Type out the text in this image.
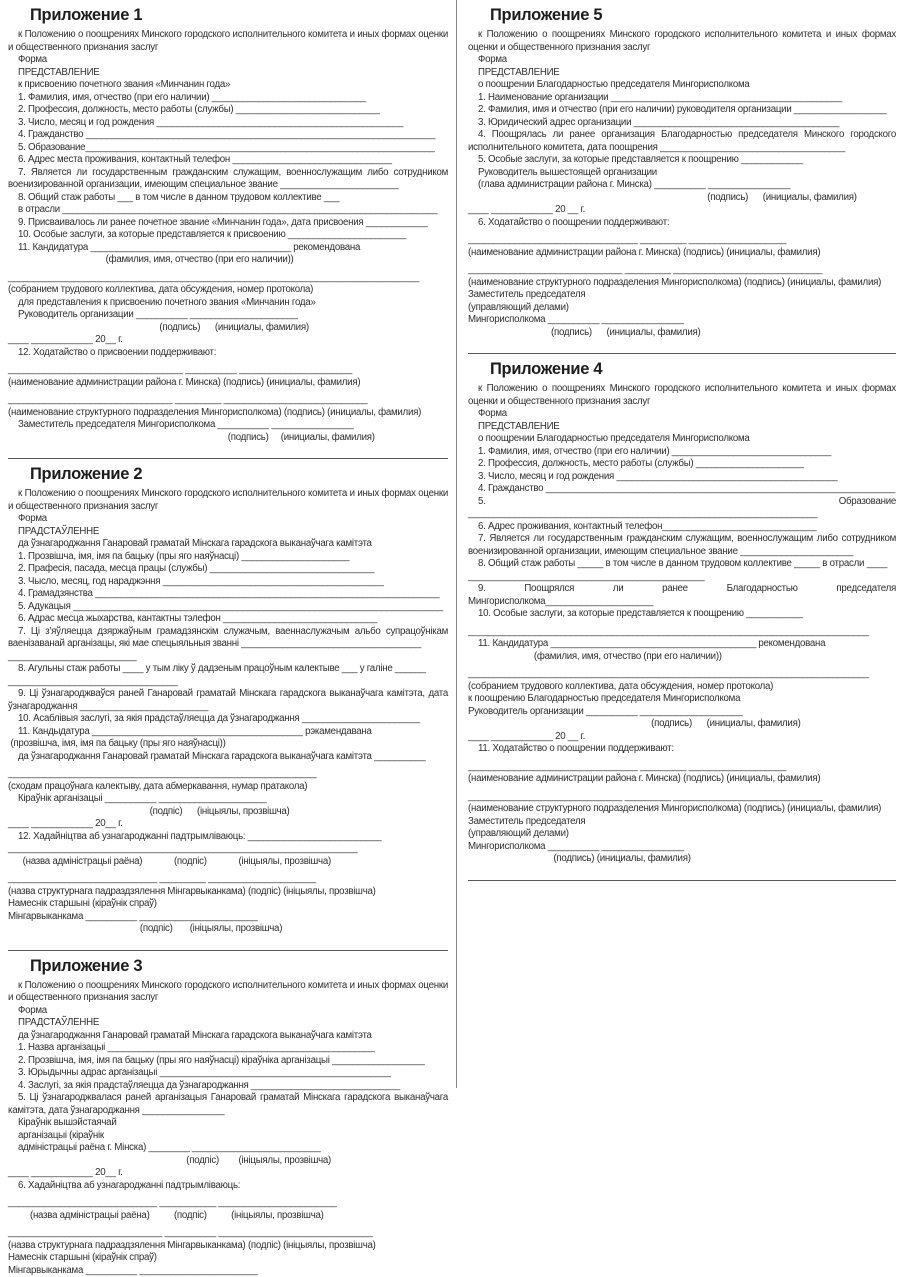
Приложение 1
к Положению о поощрениях Минского городского исполнительного комитета и иных формах оценки и общественного признания заслуг
Форма
ПРЕДСТАВЛЕНИЕ
к присвоению почетного звания «Минчанин года»
1. Фамилия, имя, отчество (при его наличии) ______________________________
2. Профессия, должность, место работы (службы) ____________________________
3. Число, месяц и год рождения ________________________________________________
4. Гражданство ____________________________________________________________________
5. Образование____________________________________________________________________
6. Адрес места проживания, контактный телефон _______________________________
7. Является ли государственным гражданским служащим, военнослужащим либо сотрудником военизированной организации, имеющим специальное звание _______________________
8. Общий стаж работы ___ в том числе в данном трудовом коллективе ___
в отрасли _________________________________________________________________________
9. Присваивалось ли ранее почетное звание «Минчанин года», дата присвоения ____________
10. Особые заслуги, за которые представляется к присвоению _______________________
11. Кандидатура _______________________________________ рекомендована
(фамилия, имя, отчество (при его наличии))
________________________________________________________________________________
(собранием трудового коллектива, дата обсуждения, номер протокола)
для представления к присвоению почетного звания «Минчанин года»
Руководитель организации __________ _____________________
(подпись)      (инициалы, фамилия)
____ ____________ 20__ г.
12. Ходатайство о присвоении поддерживают:
__________________________________ __________ ______________________
(наименование администрации района г. Минска) (подпись) (инициалы, фамилия)
________________________________ _________ ____________________________
(наименование структурного подразделения Мингорисполкома) (подпись) (инициалы, фамилия)
Заместитель председателя Мингорисполкома __________ ________________
(подпись)     (инициалы, фамилия)
Приложение 2
к Положению о поощрениях Минского городского исполнительного комитета и иных формах оценки и общественного признания заслуг
Форма
ПРАДСТАЎЛЕННЕ
да ўзнагароджання Ганаровай граматай Мінскага гарадскога выканаўчага камітэта
1. Прозвішча, імя, імя па бацьку (пры яго наяўнасці) _____________________
2. Прафесія, пасада, месца працы (службы) ________________________________
3. Чысло, месяц, год нараджэння ___________________________________________
4. Грамадзянства ___________________________________________________________________
5. Адукацыя ________________________________________________________________________
6. Адрас месца жыхарства, кантактны тэлефон ______________________________
7. Ці з’яўляецца дзяржаўным грамадзянскім служачым, ваеннаслужачым альбо супрацоўнікам ваенізаванай арганізацы, які мае спецыяльныя званні ___________________________________
_________________________
8. Агульны стаж работы ____ у тым ліку ў дадзеным працоўным калектыве ___ у галіне ______
_________________________________
9. Ці ўзнагароджваўся раней Ганаровай граматай Мінскага гарадскога выканаўчага камітэта, дата ўзнагароджання _________________________
10. Асаблівыя заслугі, за якія прадстаўляецца да ўзнагароджання _______________________
11. Кандыдатура _________________________________________ рэкамендавана
(прозвішча, імя, імя па бацьку (пры яго наяўнасці))
да ўзнагароджання Ганаровай граматай Мінскага гарадскога выканаўчага камітэта __________
____________________________________________________________
(сходам працоўнага калектыву, дата абмеркавання, нумар пратакола)
Кіраўнік арганізацыі __________ _____________________
(подпіс)      (ініцыялы, прозвішча)
____ ____________ 20__ г.
12. Хадайніцтва аб узнагароджанні падтрымліваюць: __________________________
____________________________________________________________________
(назва адміністрацыі раёна)             (подпіс)             (ініцыялы, прозвішча)
_____________________________ _________ _____________________
(назва структурнага падраздзялення Мінгарвыканкама) (подпіс) (ініцыялы, прозвішча)
Намеснік старшыні (кіраўнік спраў)
Мінгарвыканкама __________ _______________________
(подпіс)       (ініцыялы, прозвішча)
Приложение 3
к Положению о поощрениях Минского городского исполнительного комитета и иных формах оценки и общественного признания заслуг
Форма
ПРАДСТАЎЛЕННЕ
да ўзнагароджання Ганаровай граматай Мінскага гарадскога выканаўчага камітэта
1. Назва арганізацыі ____________________________________________________
2. Прозвішча, імя, імя па бацьку (пры яго наяўнасці) кіраўніка арганізацыі __________________
3. Юрыдычны адрас арганізацыі _____________________________________________
4. Заслугі, за якія прадстаўляецца да ўзнагароджання _____________________________
5. Ці ўзнагароджвалася раней арганізацыя Ганаровай граматай Мінскага гарадскога выканаўчага камітэта, дата ўзнагароджання ________________
Кіраўнік вышэйстаячай
арганізацыі (кіраўнік
адміністрацыі раёна г. Мінска) ________ _________________________
(подпіс)        (ініцыялы, прозвішча)
____ ____________ 20__ г.
6. Хадайніцтва аб узнагароджанні падтрымліваюць:
_____________________________ ___________ _______________________
(назва адміністрацыі раёна)          (подпіс)          (ініцыялы, прозвішча)
______________________________ __________ ______________________________
(назва структурнага падраздзялення Мінгарвыканкама) (подпіс) (ініцыялы, прозвішча)
Намеснік старшыні (кіраўнік спраў)
Мінгарвыканкама __________ _______________________
Приложение 5
к Положению о поощрениях Минского городского исполнительного комитета и иных формах оценки и общественного признания заслуг
Форма
ПРЕДСТАВЛЕНИЕ
о поощрении Благодарностью председателя Мингорисполкома
1. Наименование организации _____________________________________________
2. Фамилия, имя и отчество (при его наличии) руководителя организации __________________
3. Юридический адрес организации ________________________________________
4. Поощрялась ли ранее организация Благодарностью председателя Минского городского исполнительного комитета, дата поощрения ____________________________________
5. Особые заслуги, за которые представляется к поощрению ____________
Руководитель вышестоящей организации
(глава администрации района г. Минска) __________ ________________
(подпись)      (инициалы, фамилия)
____ ____________ 20 __ г.
6. Ходатайство о поощрении поддерживают:
_________________________________ _________ ___________________
(наименование администрации района г. Минска) (подпись) (инициалы, фамилия)
______________________________ _________ _____________________________
(наименование структурного подразделения Мингорисполкома) (подпись) (инициалы, фамилия)
Заместитель председателя
(управляющий делами)
Мингорисполкома __________ ________________
(подпись)      (инициалы, фамилия)
Приложение 4
к Положению о поощрениях Минского городского исполнительного комитета и иных формах оценки и общественного признания заслуг
Форма
ПРЕДСТАВЛЕНИЕ
о поощрении Благодарностью председателя Мингорисполкома
1. Фамилия, имя, отчество (при его наличии) _______________________________
2. Профессия, должность, место работы (службы) _____________________
3. Число, месяц и год рождения ___________________________________________
4. Гражданство ____________________________________________________________________
5. Образование ____________________________________________________________________
6. Адрес проживания, контактный телефон______________________________
7. Является ли государственным гражданским служащим, военнослужащим либо сотрудником военизированной организации, имеющим специальное звание ______________________
8. Общий стаж работы _____ в том числе в данном трудовом коллективе _____ в отрасли ____
______________________________________________
9. Поощрялся ли ранее Благодарностью председателя Мингорисполкома_____________________
10. Особые заслуги, за которые представляется к поощрению ___________
______________________________________________________________________________
11. Кандидатура ________________________________________ рекомендована
(фамилия, имя, отчество (при его наличии))
______________________________________________________________________________
(собранием трудового коллектива, дата обсуждения, номер протокола)
к поощрению Благодарностью председателя Мингорисполкома
Руководитель организации __________ ____________________
(подпись)      (инициалы, фамилия)
____ ____________ 20 __ г.
11. Ходатайство о поощрении поддерживают:
_________________________________ _________ ___________________
(наименование администрации района г. Минска) (подпись) (инициалы, фамилия)
______________________________ _________ _____________________________
(наименование структурного подразделения Мингорисполкома) (подпись) (инициалы, фамилия)
Заместитель председателя
(управляющий делами)
Мингорисполкома __________ ________________
(подпись) (инициалы, фамилия)
